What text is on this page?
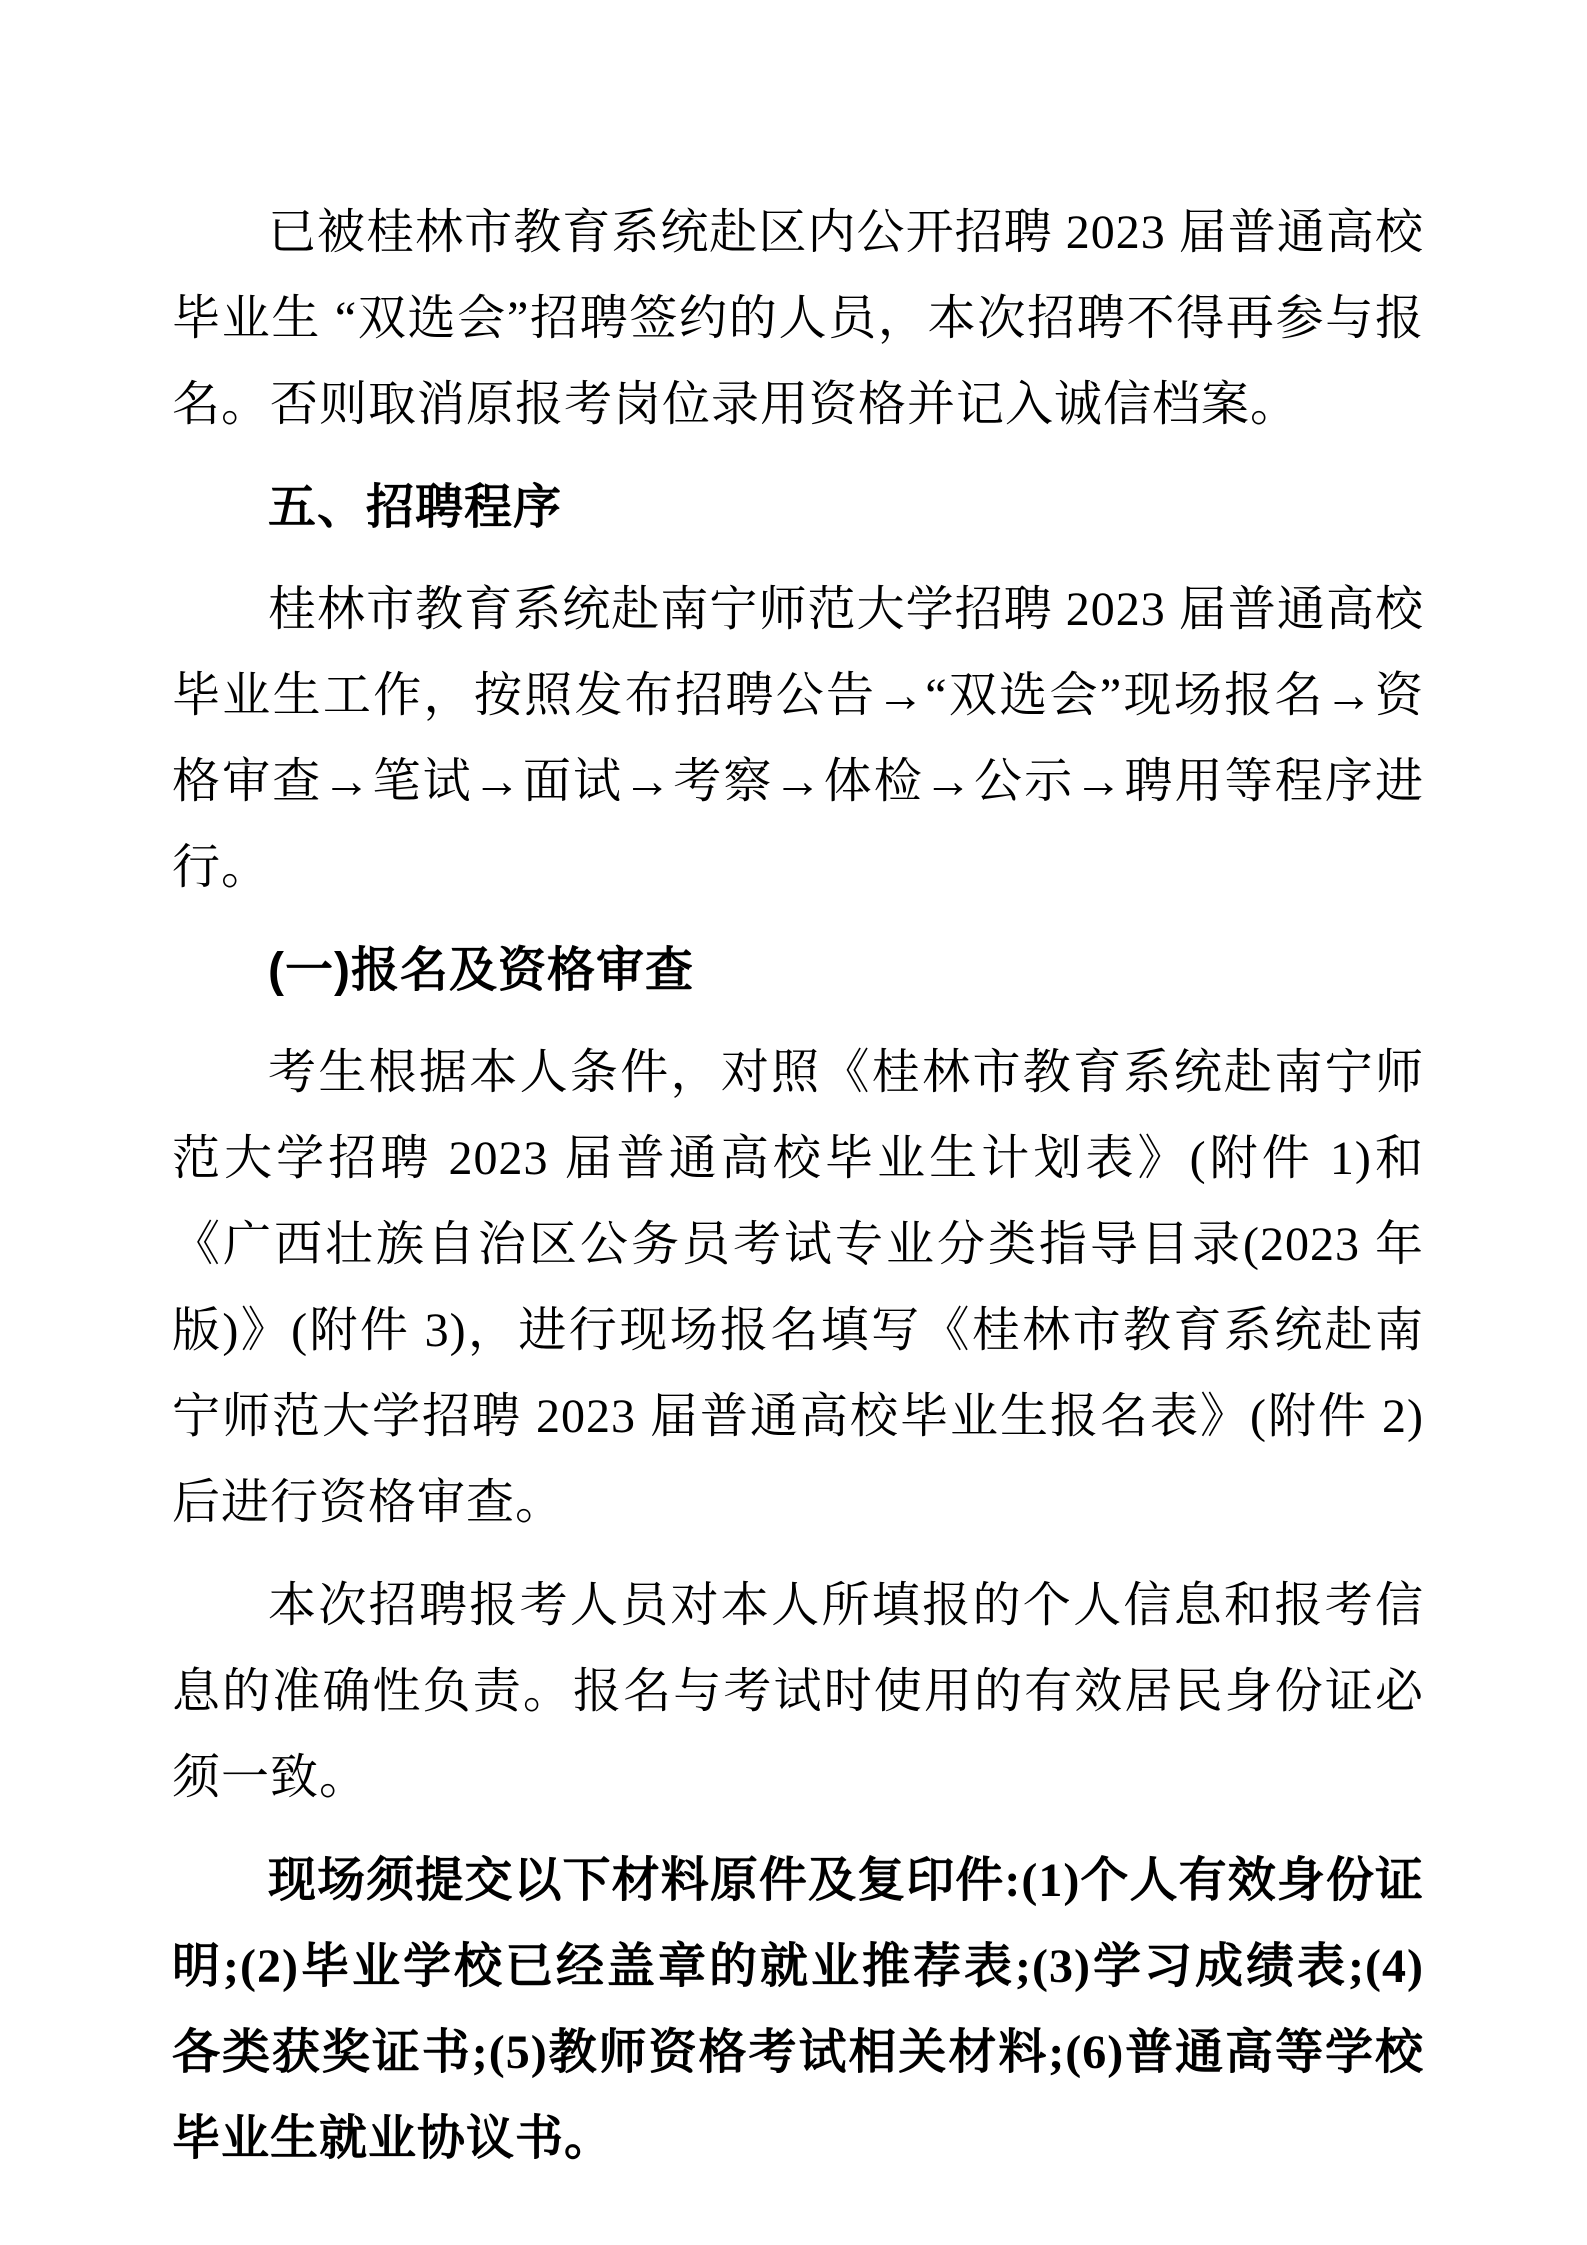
已被桂林市教育系统赴区内公开招聘 2023 届普通高校毕业生 “双选会”招聘签约的人员，本次招聘不得再参与报名。否则取消原报考岗位录用资格并记入诚信档案。

五、招聘程序

桂林市教育系统赴南宁师范大学招聘 2023 届普通高校毕业生工作，按照发布招聘公告→“双选会”现场报名→资格审查→笔试→面试→考察→体检→公示→聘用等程序进行。

(一)报名及资格审查

考生根据本人条件，对照《桂林市教育系统赴南宁师范大学招聘 2023 届普通高校毕业生计划表》(附件 1)和《广西壮族自治区公务员考试专业分类指导目录(2023 年版)》(附件 3)，进行现场报名填写《桂林市教育系统赴南宁师范大学招聘 2023 届普通高校毕业生报名表》(附件 2)后进行资格审查。

本次招聘报考人员对本人所填报的个人信息和报考信息的准确性负责。报名与考试时使用的有效居民身份证必须一致。

现场须提交以下材料原件及复印件:(1)个人有效身份证明;(2)毕业学校已经盖章的就业推荐表;(3)学习成绩表;(4)各类获奖证书;(5)教师资格考试相关材料;(6)普通高等学校毕业生就业协议书。
